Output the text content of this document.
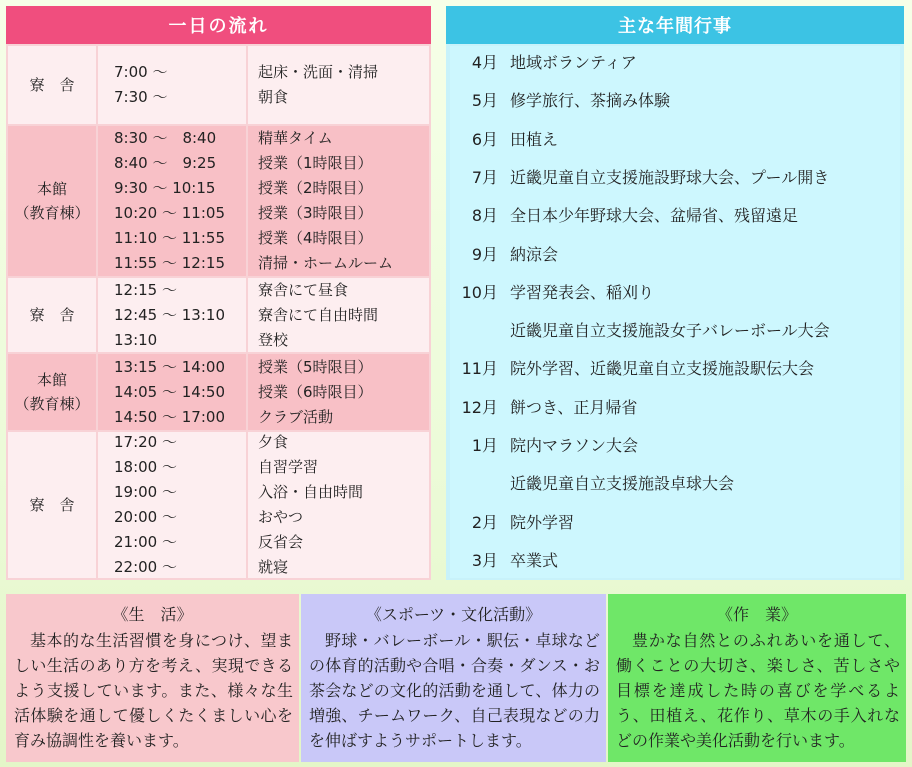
一日の流れ
寮　舎
7:00 〜
7:30 〜
起床・洗面・清掃
朝食
本館
（教育棟）
8:30 〜　8:40
8:40 〜　9:25
9:30 〜 10:15
10:20 〜 11:05
11:10 〜 11:55
11:55 〜 12:15
精華タイム
授業（1時限目）
授業（2時限目）
授業（3時限目）
授業（4時限目）
清掃・ホームルーム
寮　舎
12:15 〜
12:45 〜 13:10
13:10
寮舎にて昼食
寮舎にて自由時間
登校
本館
（教育棟）
13:15 〜 14:00
14:05 〜 14:50
14:50 〜 17:00
授業（5時限目）
授業（6時限目）
クラブ活動
寮　舎
17:20 〜
18:00 〜
19:00 〜
20:00 〜
21:00 〜
22:00 〜
夕食
自習学習
入浴・自由時間
おやつ
反省会
就寝
主な年間行事
4月 地域ボランティア
5月 修学旅行、茶摘み体験
6月 田植え
7月 近畿児童自立支援施設野球大会、プール開き
8月 全日本少年野球大会、盆帰省、残留遠足
9月 納涼会
10月 学習発表会、稲刈り
近畿児童自立支援施設女子バレーボール大会
11月 院外学習、近畿児童自立支援施設駅伝大会
12月 餅つき、正月帰省
1月 院内マラソン大会
近畿児童自立支援施設卓球大会
2月 院外学習
3月 卒業式
《生　活》
基本的な生活習慣を身につけ、望ましい生活のあり方を考え、実現できるよう支援しています。また、様々な生活体験を通して優しくたくましい心を育み協調性を養います。
《スポーツ・文化活動》
野球・バレーボール・駅伝・卓球などの体育的活動や合唱・合奏・ダンス・お茶会などの文化的活動を通して、体力の増強、チームワーク、自己表現などの力を伸ばすようサポートします。
《作　業》
豊かな自然とのふれあいを通して、働くことの大切さ、楽しさ、苦しさや目標を達成した時の喜びを学べるよう、田植え、花作り、草木の手入れなどの作業や美化活動を行います。
